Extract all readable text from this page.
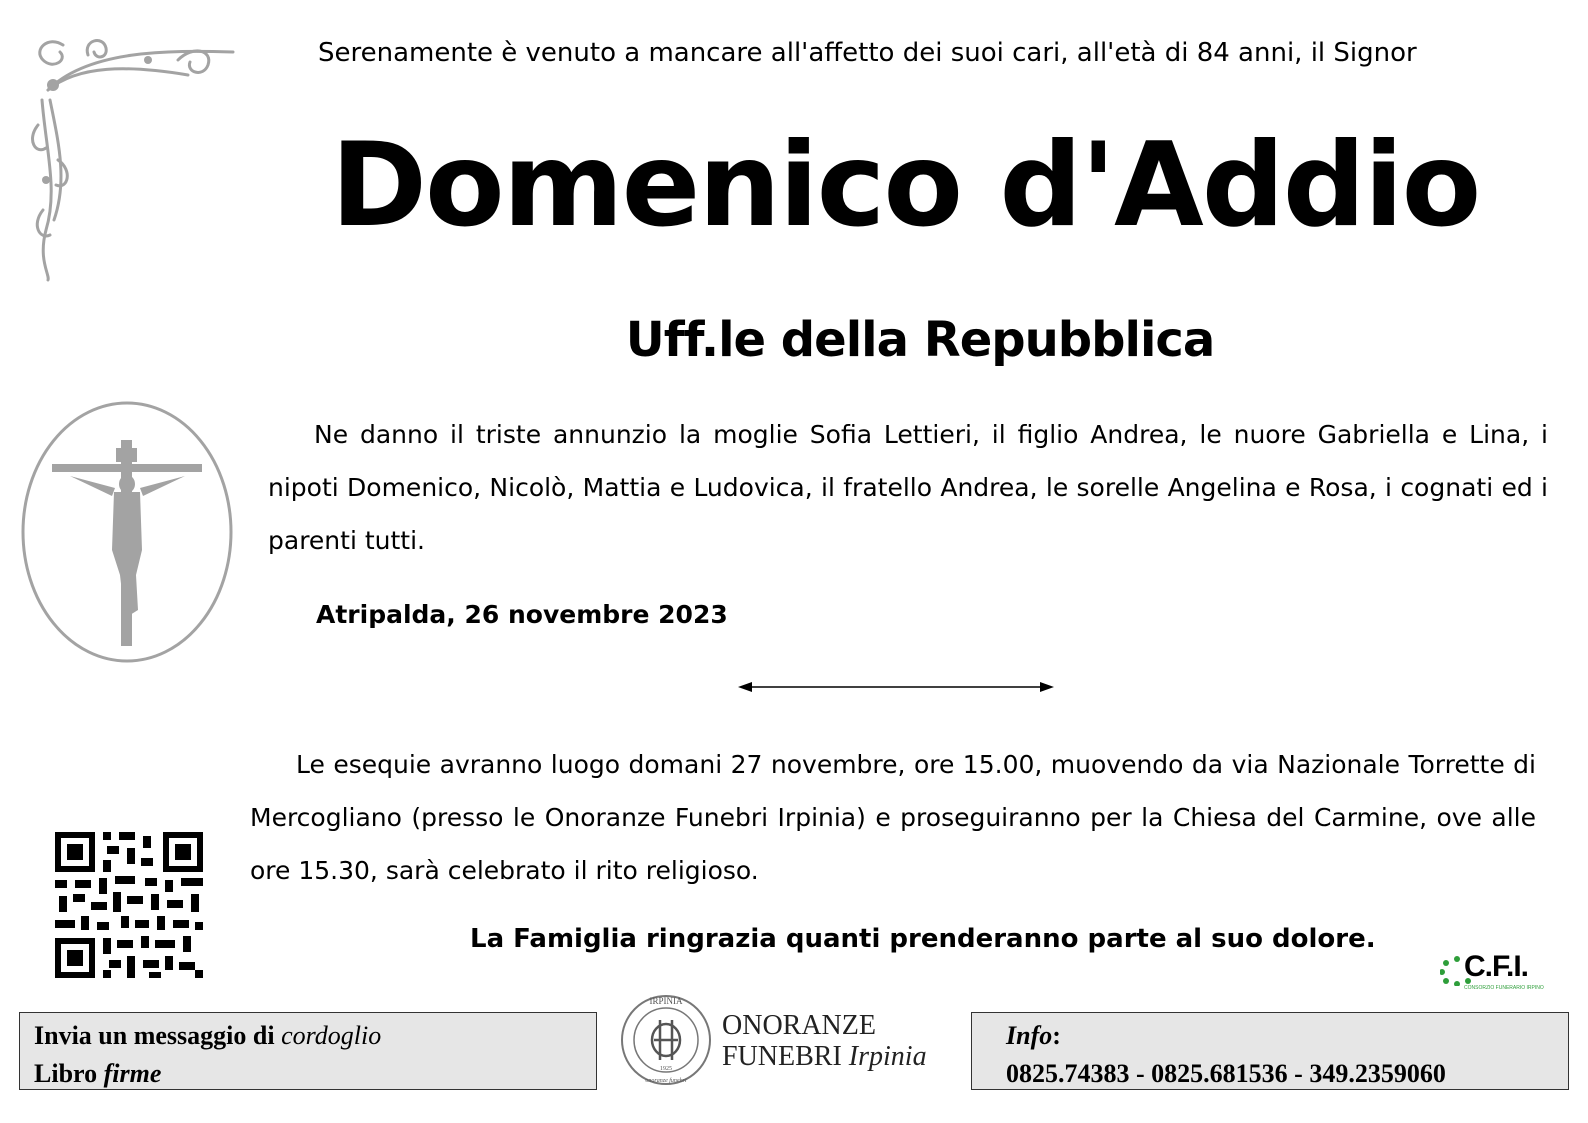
Serenamente è venuto a mancare all'affetto dei suoi cari, all'età di 84 anni, il Signor
Domenico d'Addio
Uff.le della Repubblica
Ne danno il triste annunzio la moglie Sofia Lettieri, il figlio Andrea, le nuore Gabriella e Lina, i nipoti Domenico, Nicolò, Mattia e Ludovica, il fratello Andrea, le sorelle Angelina e Rosa, i cognati ed i parenti tutti.
Atripalda, 26 novembre 2023
Le esequie avranno luogo domani 27 novembre, ore 15.00, muovendo da via Nazionale Torrette di Mercogliano (presso le Onoranze Funebri Irpinia) e proseguiranno per la Chiesa del Carmine, ove alle ore 15.30, sarà celebrato il rito religioso.
La Famiglia ringrazia quanti prenderanno parte al suo dolore.
C.F.I.
CONSORZIO FUNERARIO IRPINO
Invia un messaggio di cordoglio
Libro firme
IRPINIA
1925
onoranze funebri
ONORANZE
FUNEBRI Irpinia
Info:
0825.74383 - 0825.681536 - 349.2359060
